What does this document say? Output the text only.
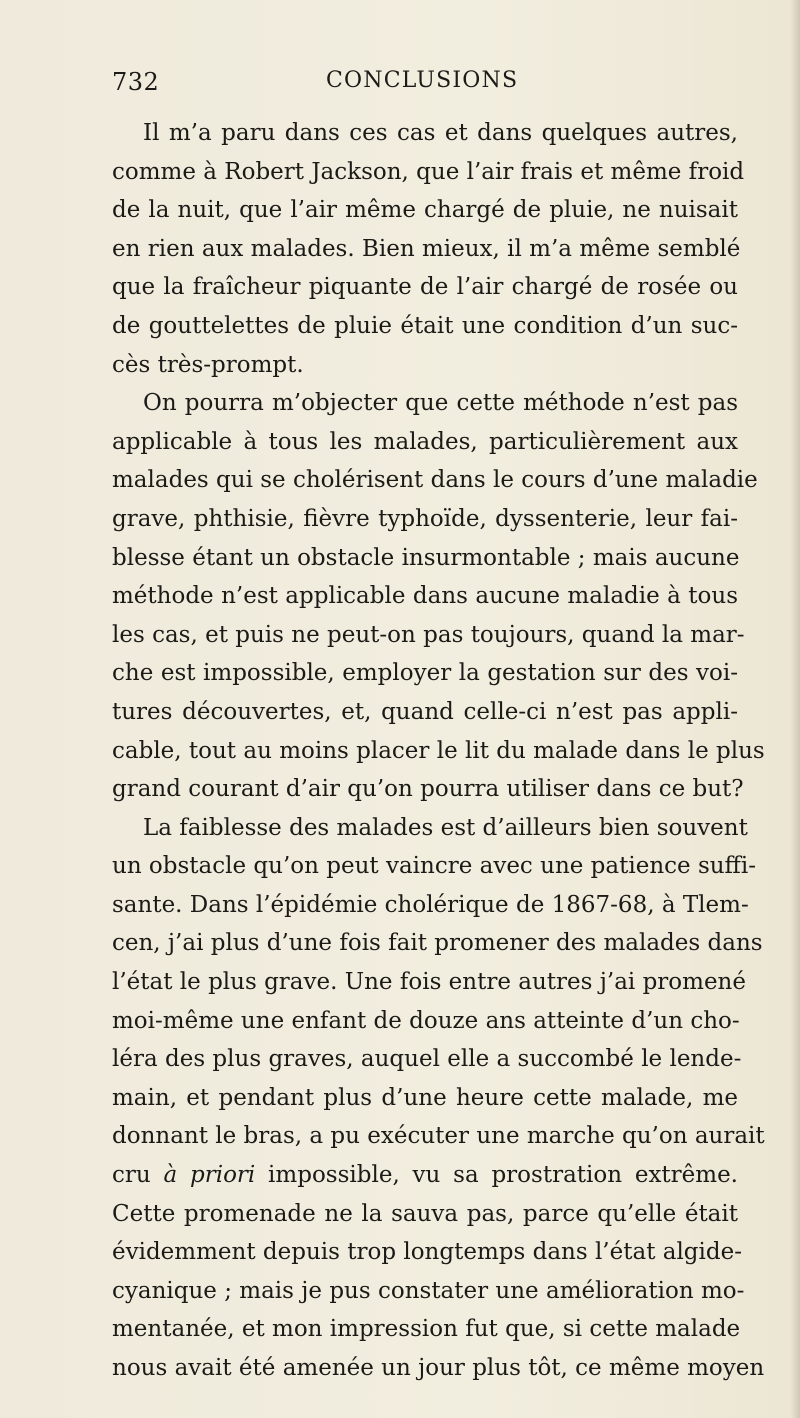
732	CONCLUSIONS
Il m’a paru dans ces cas et dans quelques autres,
comme à Robert Jackson, que l’air frais et même froid
de la nuit, que l’air même chargé de pluie, ne nuisait
en rien aux malades. Bien mieux, il m’a même semblé
que la fraîcheur piquante de l’air chargé de rosée ou
de gouttelettes de pluie était une condition d’un suc-
cès très-prompt.
On pourra m’objecter que cette méthode n’est pas
applicable à tous les malades, particulièrement aux
malades qui se cholérisent dans le cours d’une maladie
grave, phthisie, fièvre typhoïde, dyssenterie, leur fai-
blesse étant un obstacle insurmontable ; mais aucune
méthode n’est applicable dans aucune maladie à tous
les cas, et puis ne peut-on pas toujours, quand la mar-
che est impossible, employer la gestation sur des voi-
tures découvertes, et, quand celle-ci n’est pas appli-
cable, tout au moins placer le lit du malade dans le plus
grand courant d’air qu’on pourra utiliser dans ce but?
La faiblesse des malades est d’ailleurs bien souvent
un obstacle qu’on peut vaincre avec une patience suffi-
sante. Dans l’épidémie cholérique de 1867-68, à Tlem-
cen, j’ai plus d’une fois fait promener des malades dans
l’état le plus grave. Une fois entre autres j’ai promené
moi-même une enfant de douze ans atteinte d’un cho-
léra des plus graves, auquel elle a succombé le lende-
main, et pendant plus d’une heure cette malade, me
donnant le bras, a pu exécuter une marche qu’on aurait
cru à priori impossible, vu sa prostration extrême.
Cette promenade ne la sauva pas, parce qu’elle était
évidemment depuis trop longtemps dans l’état algide-
cyanique ; mais je pus constater une amélioration mo-
mentanée, et mon impression fut que, si cette malade
nous avait été amenée un jour plus tôt, ce même moyen
